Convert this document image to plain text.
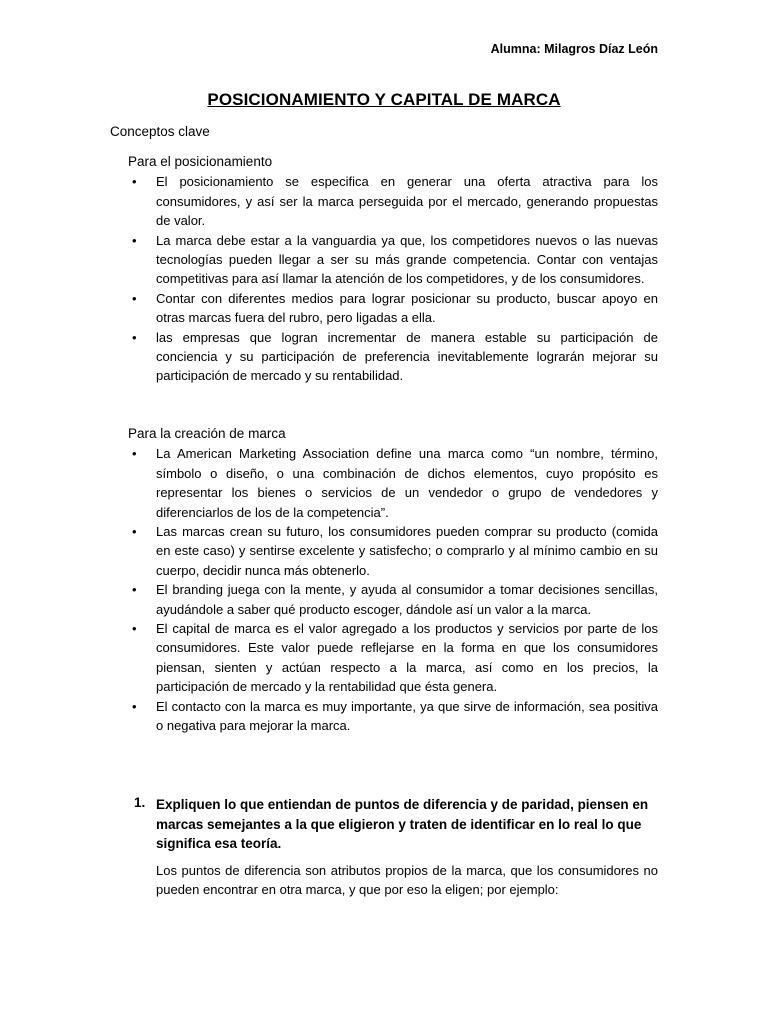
Alumna: Milagros Díaz León
POSICIONAMIENTO Y CAPITAL DE MARCA
Conceptos clave
Para el posicionamiento
• El posicionamiento se especifica en generar una oferta atractiva para los consumidores, y así ser la marca perseguida por el mercado, generando propuestas de valor.
• La marca debe estar a la vanguardia ya que, los competidores nuevos o las nuevas tecnologías pueden llegar a ser su más grande competencia. Contar con ventajas competitivas para así llamar la atención de los competidores, y de los consumidores.
• Contar con diferentes medios para lograr posicionar su producto, buscar apoyo en otras marcas fuera del rubro, pero ligadas a ella.
• las empresas que logran incrementar de manera estable su participación de conciencia y su participación de preferencia inevitablemente lograrán mejorar su participación de mercado y su rentabilidad.
Para la creación de marca
• La American Marketing Association define una marca como “un nombre, término, símbolo o diseño, o una combinación de dichos elementos, cuyo propósito es representar los bienes o servicios de un vendedor o grupo de vendedores y diferenciarlos de los de la competencia”.
• Las marcas crean su futuro, los consumidores pueden comprar su producto (comida en este caso) y sentirse excelente y satisfecho; o comprarlo y al mínimo cambio en su cuerpo, decidir nunca más obtenerlo.
• El branding juega con la mente, y ayuda al consumidor a tomar decisiones sencillas, ayudándole a saber qué producto escoger, dándole así un valor a la marca.
• El capital de marca es el valor agregado a los productos y servicios por parte de los consumidores. Este valor puede reflejarse en la forma en que los consumidores piensan, sienten y actúan respecto a la marca, así como en los precios, la participación de mercado y la rentabilidad que ésta genera.
• El contacto con la marca es muy importante, ya que sirve de información, sea positiva o negativa para mejorar la marca.
1. Expliquen lo que entiendan de puntos de diferencia y de paridad, piensen en marcas semejantes a la que eligieron y traten de identificar en lo real lo que significa esa teoría.
Los puntos de diferencia son atributos propios de la marca, que los consumidores no pueden encontrar en otra marca, y que por eso la eligen; por ejemplo:
